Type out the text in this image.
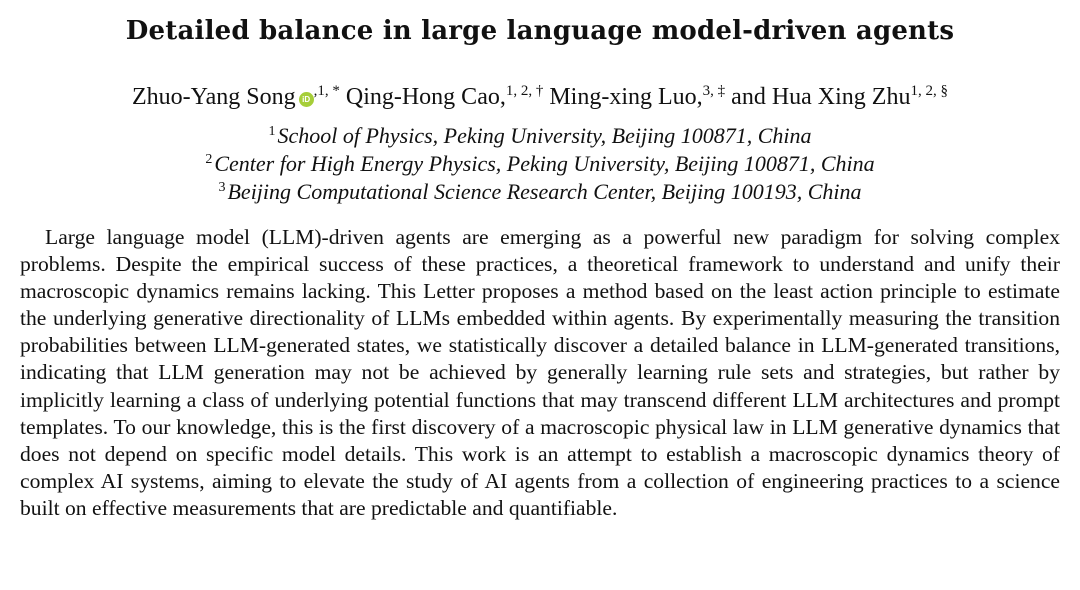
Detailed balance in large language model-driven agents
Zhuo-Yang Song $iD^{,1, *}$ Qing-Hong Cao,$^{1, 2, \dagger}$ Ming-xing Luo,$^{3, \ddagger}$ and Hua Xing Zhu$^{1, 2, \S}$
$^1$School of Physics, Peking University, Beijing 100871, China
$^2$Center for High Energy Physics, Peking University, Beijing 100871, China
$^3$Beijing Computational Science Research Center, Beijing 100193, China

Large language model (LLM)-driven agents are emerging as a powerful new paradigm for solving complex problems. Despite the empirical success of these practices, a theoretical framework to understand and unify their macroscopic dynamics remains lacking. This Letter proposes a method based on the least action principle to estimate the underlying generative directionality of LLMs embedded within agents. By experimentally measuring the transition probabilities between LLM-generated states, we statistically discover a detailed balance in LLM-generated transitions, indicating that LLM generation may not be achieved by generally learning rule sets and strategies, but rather by implicitly learning a class of underlying potential functions that may transcend different LLM architectures and prompt templates. To our knowledge, this is the first discovery of a macroscopic physical law in LLM generative dynamics that does not depend on specific model details. This work is an attempt to establish a macroscopic dynamics theory of complex AI systems, aiming to elevate the study of AI agents from a collection of engineering practices to a science built on effective measurements that are predictable and quantifiable.
